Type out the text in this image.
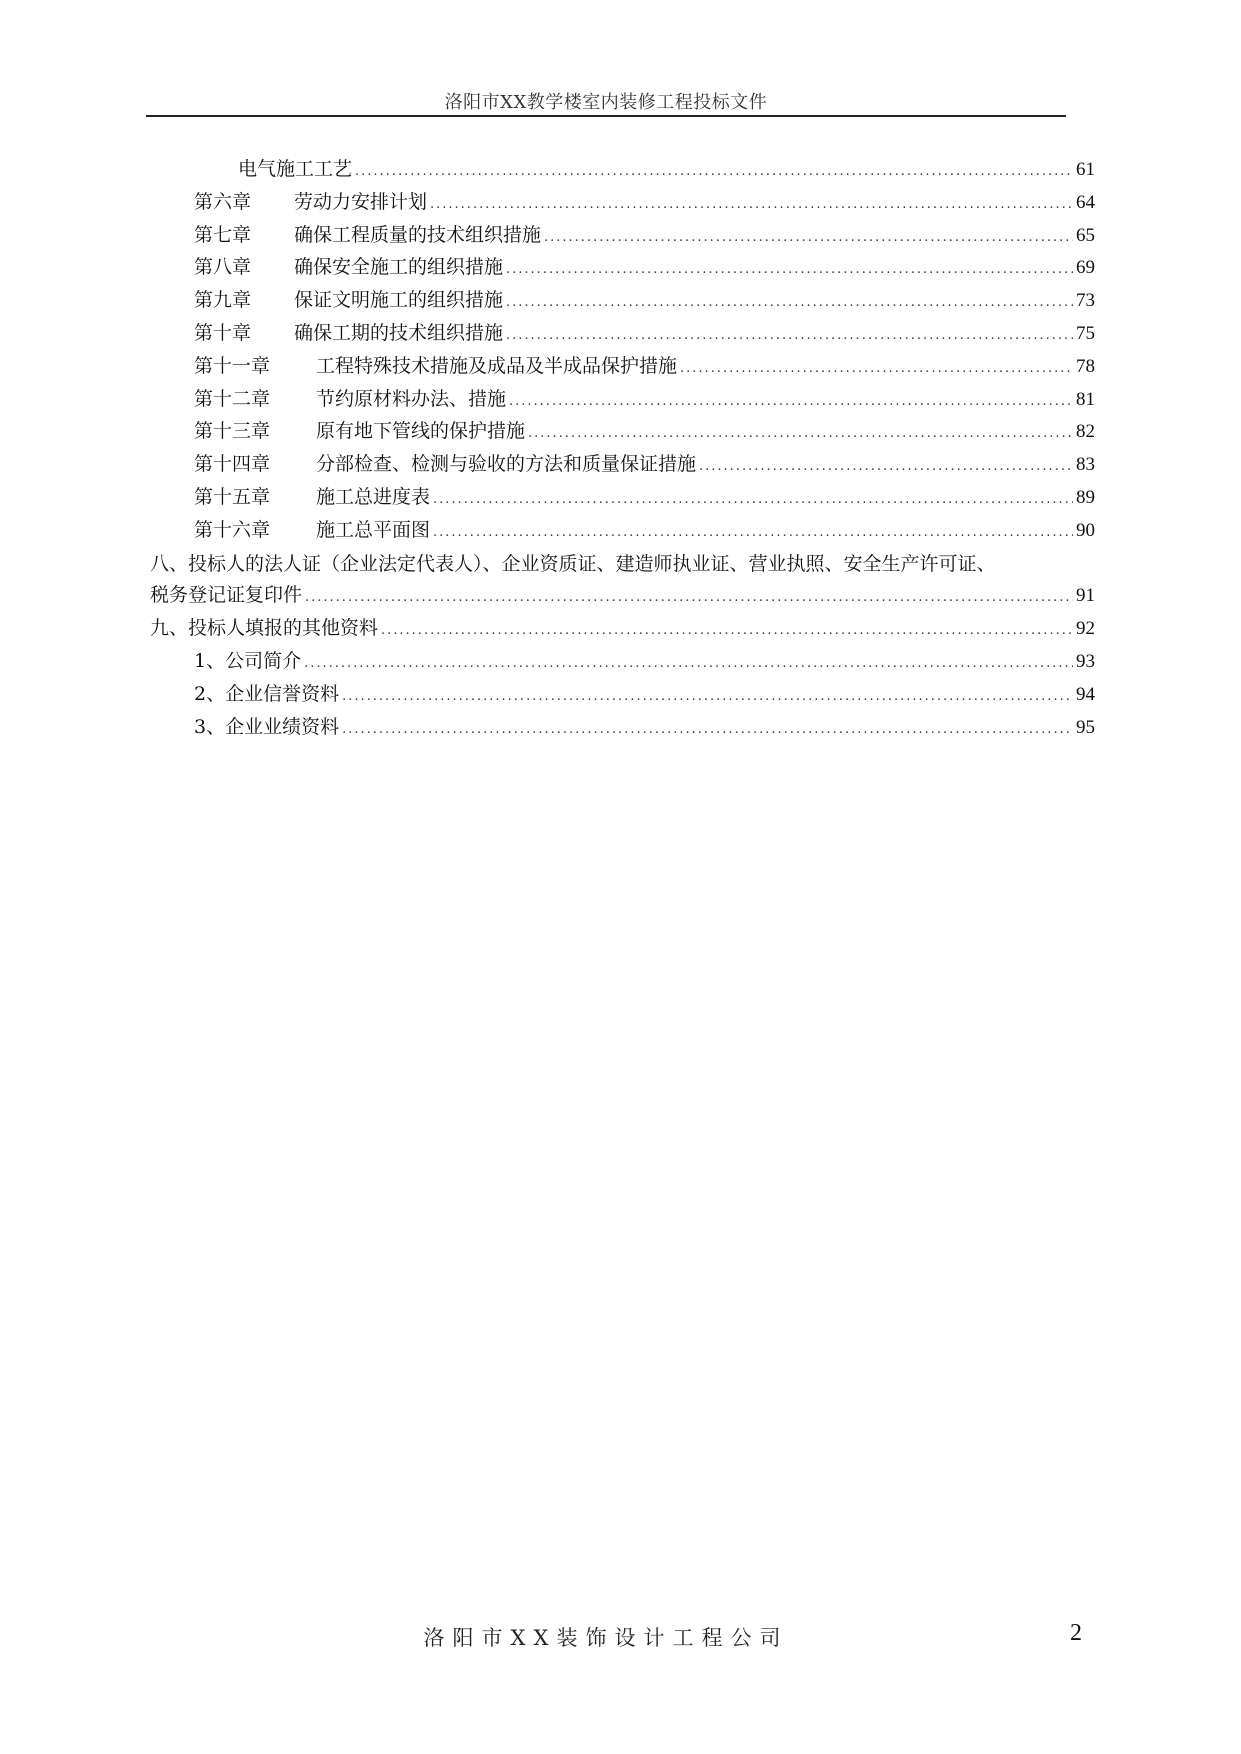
洛阳市XX教学楼室内装修工程投标文件
电气施工工艺 .....	61
第六章	劳动力安排计划 .....	64
第七章	确保工程质量的技术组织措施 .....	65
第八章	确保安全施工的组织措施 .....	69
第九章	保证文明施工的组织措施 .....	73
第十章	确保工期的技术组织措施 .....	75
第十一章	工程特殊技术措施及成品及半成品保护措施 .....	78
第十二章	节约原材料办法、措施 .....	81
第十三章	原有地下管线的保护措施 .....	82
第十四章	分部检查、检测与验收的方法和质量保证措施 .....	83
第十五章	施工总进度表 .....	89
第十六章	施工总平面图 .....	90
八、投标人的法人证（企业法定代表人）、企业资质证、建造师执业证、营业执照、安全生产许可证、
税务登记证复印件 .....	91
九、投标人填报的其他资料 .....	92
1、公司简介 .....	93
2、企业信誉资料 .....	94
3、企业业绩资料 .....	95
洛阳市XX装饰设计工程公司	2
